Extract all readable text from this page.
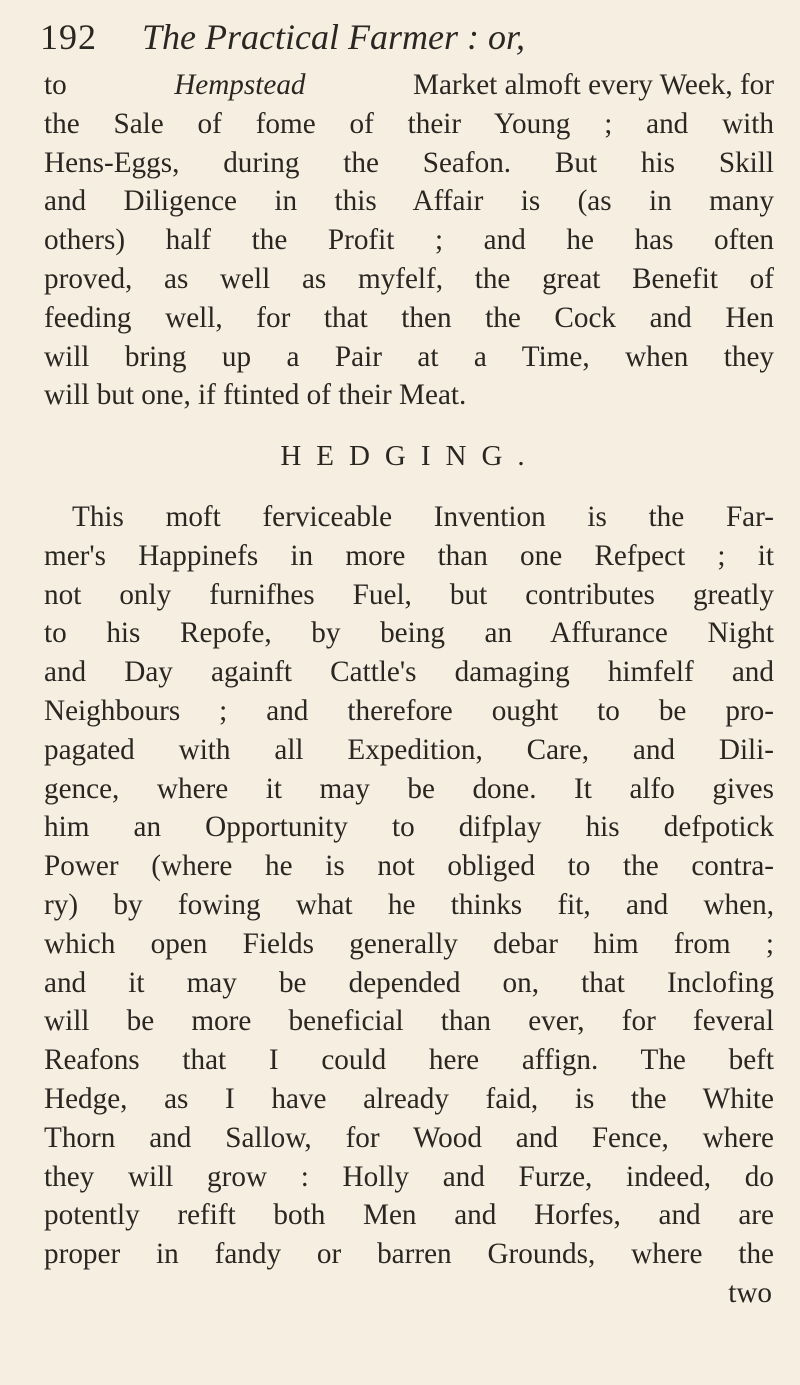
192 The Practical Farmer : or,
to	Hempstead	Market almoft every Week, for
the Sale of fome of their Young ; and with
Hens-Eggs, during the Seafon. But his Skill
and Diligence in this Affair is (as in many
others) half the Profit ; and he has often
proved, as well as myfelf, the great Benefit of
feeding well, for that then the Cock and Hen
will bring up a Pair at a Time, when they
will but one, if ftinted of their Meat.
HEDGING.
This moft ferviceable Invention is the Far-
mer's Happinefs in more than one Refpect ; it
not only furnifhes Fuel, but contributes greatly
to his Repofe, by being an Affurance Night
and Day againft Cattle's damaging himfelf and
Neighbours ; and therefore ought to be pro-
pagated with all Expedition, Care, and Dili-
gence, where it may be done. It alfo gives
him an Opportunity to difplay his defpotick
Power (where he is not obliged to the contra-
ry) by fowing what he thinks fit, and when,
which open Fields generally debar him from ;
and it may be depended on, that Inclofing
will be more beneficial than ever, for feveral
Reafons that I could here affign. The beft
Hedge, as I have already faid, is the White
Thorn and Sallow, for Wood and Fence, where
they will grow : Holly and Furze, indeed, do
potently refift both Men and Horfes, and are
proper in fandy or barren Grounds, where the
two
